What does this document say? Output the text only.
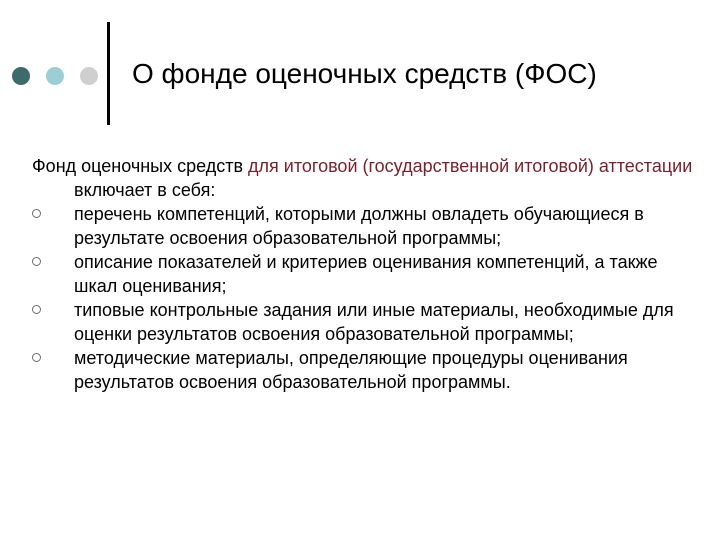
О фонде оценочных средств (ФОС)
Фонд оценочных средств для итоговой (государственной итоговой) аттестации включает в себя:
перечень компетенций, которыми должны овладеть обучающиеся в результате освоения образовательной программы;
описание показателей и критериев оценивания компетенций, а также шкал оценивания;
типовые контрольные задания или иные материалы, необходимые для оценки результатов освоения образовательной программы;
методические материалы, определяющие процедуры оценивания результатов освоения образовательной программы.
